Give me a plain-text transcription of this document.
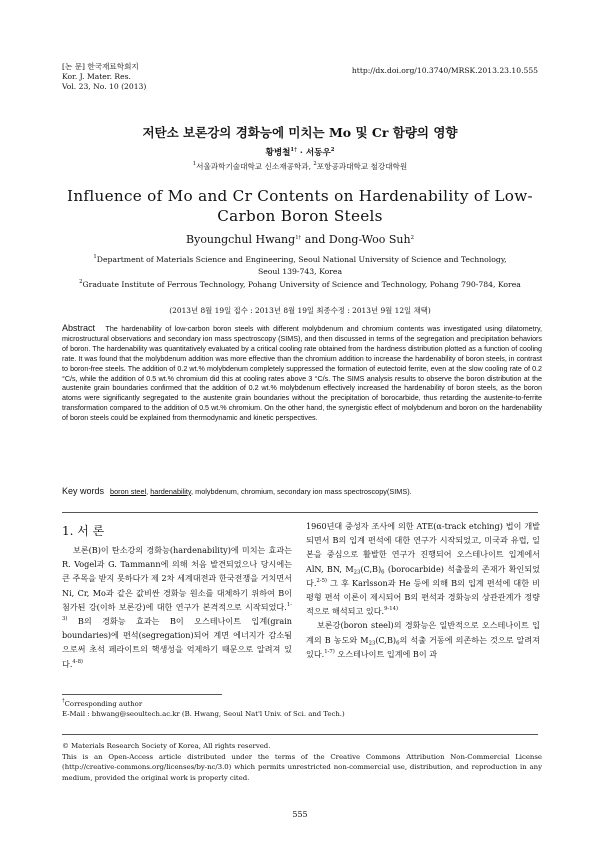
[논 문] 한국재료학회지
Kor. J. Mater. Res.
Vol. 23, No. 10 (2013)
http://dx.doi.org/10.3740/MRSK.2013.23.10.555
저탄소 보론강의 경화능에 미치는 Mo 및 Cr 함량의 영향
황병철$^{1\dagger}$ · 서동우$^2$
$^1$서울과학기술대학교 신소재공학과, $^2$포항공과대학교 철강대학원
Influence of Mo and Cr Contents on Hardenability of Low-Carbon Boron Steels
Byoungchul Hwang$^{1\dagger}$ and Dong-Woo Suh$^2$
$^1$Department of Materials Science and Engineering, Seoul National University of Science and Technology,
Seoul 139-743, Korea
$^2$Graduate Institute of Ferrous Technology, Pohang University of Science and Technology, Pohang 790-784, Korea
(2013년 8월 19일 접수 : 2013년 8월 19일 최종수정 : 2013년 9월 12일 채택)
Abstract The hardenability of low-carbon boron steels with different molybdenum and chromium contents was investigated using dilatometry, microstructural observations and secondary ion mass spectroscopy (SIMS), and then discussed in terms of the segregation and precipitation behaviors of boron. The hardenability was quantitatively evaluated by a critical cooling rate obtained from the hardness distribution plotted as a function of cooling rate. It was found that the molybdenum addition was more effective than the chromium addition to increase the hardenability of boron steels, in contrast to boron-free steels. The addition of 0.2 wt.% molybdenum completely suppressed the formation of eutectoid ferrite, even at the slow cooling rate of 0.2 °C/s, while the addition of 0.5 wt.% chromium did this at cooling rates above 3 °C/s. The SIMS analysis results to observe the boron distribution at the austenite grain boundaries confirmed that the addition of 0.2 wt.% molybdenum effectively increased the hardenability of boron steels, as the boron atoms were significantly segregated to the austenite grain boundaries without the precipitation of borocarbide, thus retarding the austenite-to-ferrite transformation compared to the addition of 0.5 wt.% chromium. On the other hand, the synergistic effect of molybdenum and boron on the hardenability of boron steels could be explained from thermodynamic and kinetic perspectives.
Key words boron steel, hardenability, molybdenum, chromium, secondary ion mass spectroscopy(SIMS).
1. 서 론

보론(B)이 탄소강의 경화능(hardenability)에 미치는 효과는 R. Vogel과 G. Tammann에 의해 처음 발견되었으나 당시에는 큰 주목을 받지 못하다가 제 2차 세계대전과 한국전쟁을 거치면서 Ni, Cr, Mo과 같은 값비싼 경화능 원소를 대체하기 위하여 B이 첨가된 강(이하 보론강)에 대한 연구가 본격적으로 시작되었다.$^{1-3)}$ B의 경화능 효과는 B이 오스테나이트 입계(grain boundaries)에 편석(segregation)되어 계면 에너지가 감소됨으로써 초석 페라이트의 핵생성을 억제하기 때문으로 알려져 있다.$^{4-8)}$

1960년대 중성자 조사에 의한 ATE(α-track etching) 법이 개발되면서 B의 입계 편석에 대한 연구가 시작되었고, 미국과 유럽, 일본을 중심으로 활발한 연구가 진행되어 오스테나이트 입계에서 AlN, BN, $M_{23}(C,B)_6$ (borocarbide) 석출물의 존재가 확인되었다.$^{2-5)}$ 그 후 Karlsson과 He 등에 의해 B의 입계 편석에 대한 비평형 편석 이론이 제시되어 B의 편석과 경화능의 상관관계가 정량적으로 해석되고 있다.$^{9-14)}$

보론강(boron steel)의 경화능은 일반적으로 오스테나이트 입계의 B 농도와 $M_{23}(C,B)_6$의 석출 거동에 의존하는 것으로 알려져 있다.$^{1-7)}$ 오스테나이트 입계에 B이 과

†Corresponding author
E-Mail : bhwang@seoultech.ac.kr (B. Hwang, Seoul Nat'l Univ. of Sci. and Tech.)

© Materials Research Society of Korea, All rights reserved.

This is an Open-Access article distributed under the terms of the Creative Commons Attribution Non-Commercial License (http://creative-commons.org/licenses/by-nc/3.0) which permits unrestricted non-commercial use, distribution, and reproduction in any medium, provided the original work is properly cited.

555
